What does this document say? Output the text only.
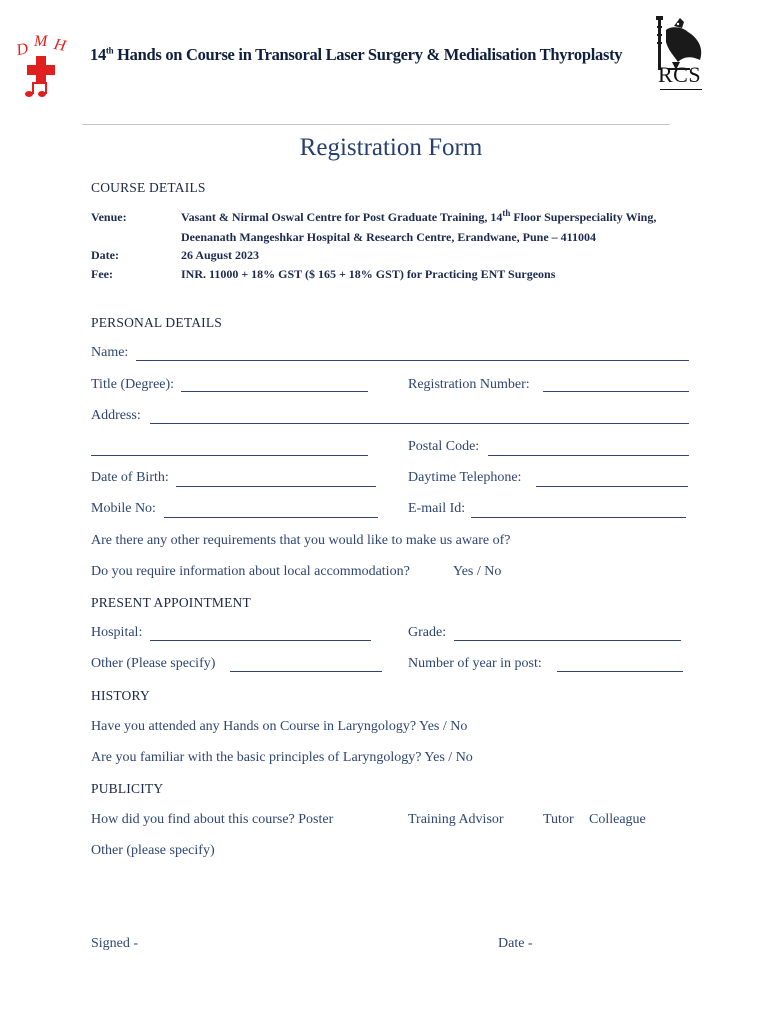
D M H 14th Hands on Course in Transoral Laser Surgery & Medialisation Thyroplasty
RCS
Registration Form
COURSE DETAILS
Venue:	Vasant & Nirmal Oswal Centre for Post Graduate Training, 14th Floor Superspeciality Wing,
Deenanath Mangeshkar Hospital & Research Centre, Erandwane, Pune – 411004
Date:	26 August 2023
Fee:	INR. 11000 + 18% GST ($ 165 + 18% GST) for Practicing ENT Surgeons
PERSONAL DETAILS
Name:
Title (Degree):	Registration Number:
Address:
Postal Code:
Date of Birth:	Daytime Telephone:
Mobile No:	E-mail Id:
Are there any other requirements that you would like to make us aware of?
Do you require information about local accommodation?	Yes / No
PRESENT APPOINTMENT
Hospital:	Grade:
Other (Please specify)	Number of year in post:
HISTORY
Have you attended any Hands on Course in Laryngology? Yes / No
Are you familiar with the basic principles of Laryngology? Yes / No
PUBLICITY
How did you find about this course? Poster	Training Advisor	Tutor Colleague
Other (please specify)
Signed -	Date -
